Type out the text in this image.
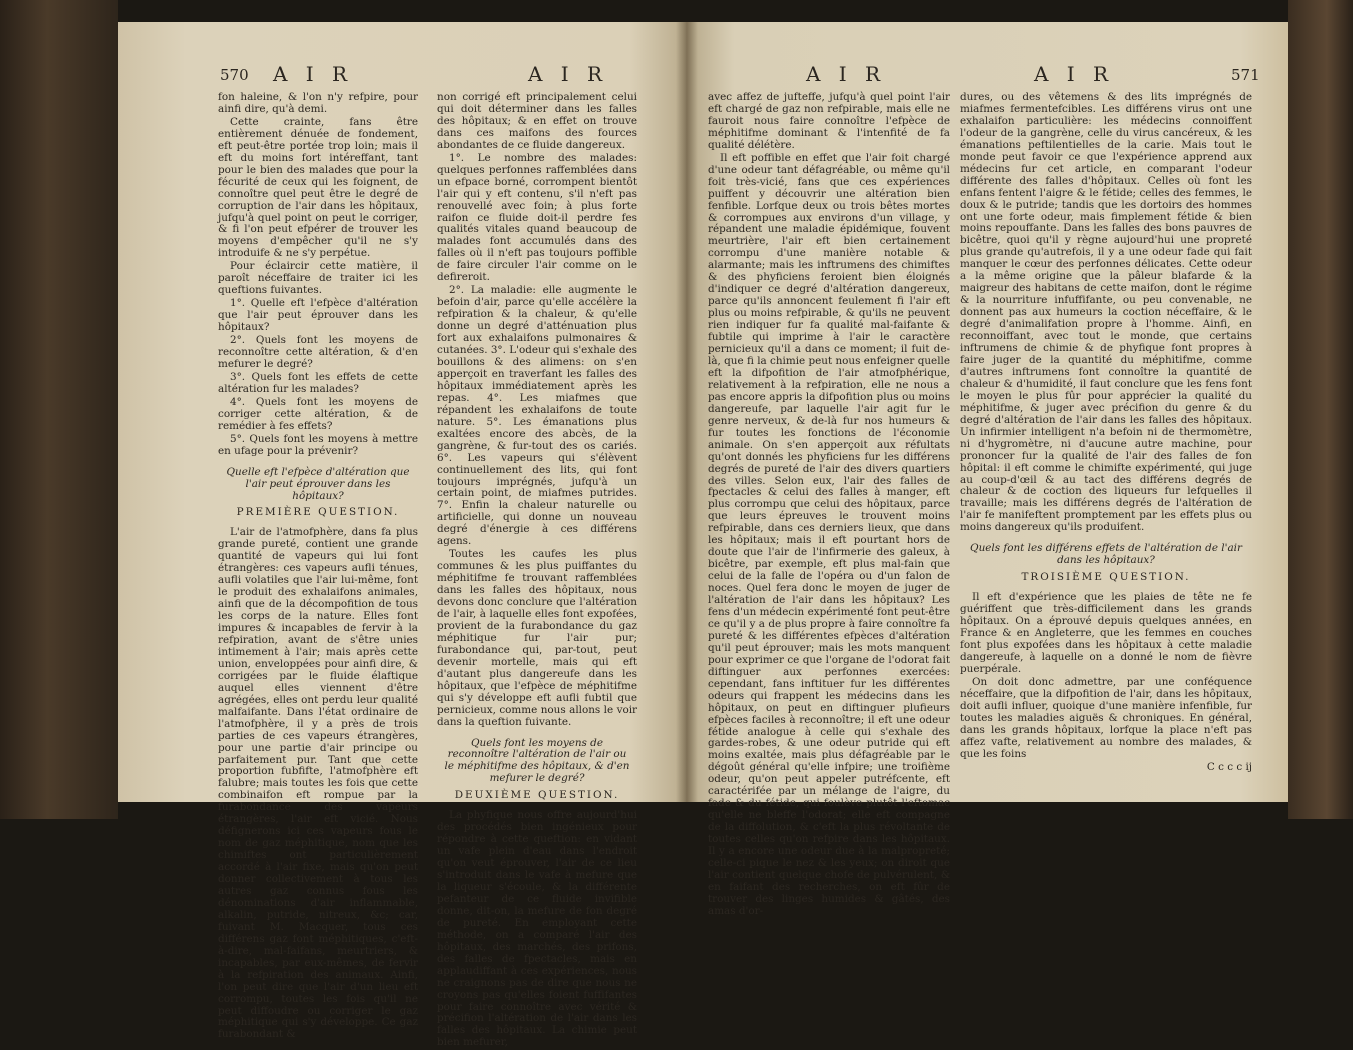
570 A I R	A I R

fon haleine, & l'on n'y refpire, pour ainfi dire, qu'à demi.

Cette crainte, fans être entièrement dénuée de fondement, eft peut-être portée trop loin; mais il eft du moins fort intéreffant, tant pour le bien des malades que pour la fécurité de ceux qui les foignent, de connoître quel peut être le degré de corruption de l'air dans les hôpitaux, jufqu'à quel point on peut le corriger, & fi l'on peut efpérer de trouver les moyens d'empêcher qu'il ne s'y introduife & ne s'y perpétue.

Pour éclaircir cette matière, il paroît néceffaire de traiter ici les queftions fuivantes.

1°. Quelle eft l'efpèce d'altération que l'air peut éprouver dans les hôpitaux?

2°. Quels font les moyens de reconnoître cette altération, & d'en mefurer le degré?

3°. Quels font les effets de cette altération fur les malades?

4°. Quels font les moyens de corriger cette altération, & de remédier à fes effets?

5°. Quels font les moyens à mettre en ufage pour la prévenir?

Quelle eft l'efpèce d'altération que l'air peut éprouver dans les hôpitaux?

PREMIÈRE QUESTION.

L'air de l'atmofphère, dans fa plus grande pureté, contient une grande quantité de vapeurs qui lui font étrangères: ces vapeurs aufli ténues, aufli volatiles que l'air lui-même, font le produit des exhalaifons animales, ainfi que de la décompofition de tous les corps de la nature. Elles font impures & incapables de fervir à la refpiration, avant de s'être unies intimement à l'air; mais après cette union, enveloppées pour ainfi dire, & corrigées par le fluide élaftique auquel elles viennent d'être agrégées, elles ont perdu leur qualité malfaifante. Dans l'état ordinaire de l'atmofphère, il y a près de trois parties de ces vapeurs étrangères, pour une partie d'air principe ou parfaitement pur. Tant que cette proportion fubfifte, l'atmofphère eft falubre; mais toutes les fois que cette combinaifon eft rompue par la furabondance des vapeurs étrangères, l'air eft vicié. Nous défignerons ici ces vapeurs fous le nom de gaz méphitique, nom que les chimiftes ont particulièrement accordé à l'air fixe, mais qu'on peut donner collectivement à tous les autres gaz connus fous les dénominations d'air inflammable, alkalin, putride, nitreux, &c; car, fuivant M. Macquer, tous ces différens gaz font méphitiques, c'eft-à-dire, mal-faifans, meurtriers, & incapables, par eux-mêmes, de fervir à la refpiration des animaux. Ainfi, l'on peut dire que l'air d'un lieu eft corrompu, toutes les fois qu'il ne peut diffoudre ou corriger le gaz méphitique qui s'y développe. Ce gaz furabondant &

non corrigé eft principalement celui qui doit déterminer dans les falles des hôpitaux; & en effet on trouve dans ces maifons des fources abondantes de ce fluide dangereux.

1°. Le nombre des malades: quelques perfonnes raffemblées dans un efpace borné, corrompent bientôt l'air qui y eft contenu, s'il n'eft pas renouvellé avec foin; à plus forte raifon ce fluide doit-il perdre fes qualités vitales quand beaucoup de malades font accumulés dans des falles où il n'eft pas toujours poffible de faire circuler l'air comme on le defireroit.

2°. La maladie: elle augmente le befoin d'air, parce qu'elle accélère la refpiration & la chaleur, & qu'elle donne un degré d'atténuation plus fort aux exhalaifons pulmonaires & cutanées. 3°. L'odeur qui s'exhale des bouillons & des alimens: on s'en apperçoit en traverfant les falles des hôpitaux immédiatement après les repas. 4°. Les miafmes que répandent les exhalaifons de toute nature. 5°. Les émanations plus exaltées encore des abcès, de la gangrène, & fur-tout des os cariés. 6°. Les vapeurs qui s'élèvent continuellement des lits, qui font toujours imprégnés, jufqu'à un certain point, de miafmes putrides. 7°. Enfin la chaleur naturelle ou artificielle, qui donne un nouveau degré d'énergie à ces différens agens.

Toutes les caufes les plus communes & les plus puiffantes du méphitifme fe trouvant raffemblées dans les falles des hôpitaux, nous devons donc conclure que l'altération de l'air, à laquelle elles font expofées, provient de la furabondance du gaz méphitique fur l'air pur; furabondance qui, par-tout, peut devenir mortelle, mais qui eft d'autant plus dangereufe dans les hôpitaux, que l'efpèce de méphitifme qui s'y développe eft aufli fubtil que pernicieux, comme nous allons le voir dans la queftion fuivante.

Quels font les moyens de reconnoître l'altération de l'air ou le méphitifme des hôpitaux, & d'en mefurer le degré?

DEUXIÈME QUESTION.

La phyfique nous offre aujourd'hui des procédés bien ingénieux pour répondre à cette queftion: en vidant un vafe plein d'eau dans l'endroit qu'on veut éprouver, l'air de ce lieu s'introduit dans le vafe à mefure que la liqueur s'écoule, & la différente pefanteur de ce fluide invifible donne, dit-on, la mefure de fon degré de pureté. En employant cette méthode, on a comparé l'air des hôpitaux, des marchés, des prifons, des falles de fpectacles, mais en applaudiffant à ces expériences, nous ne craignons pas de dire que nous ne croyons pas qu'elles foient fuffifantes pour faire connoître avec vérité & précifion l'altération de l'air dans les falles des hôpitaux. La chimie peut bien mefurer,

A I R	A I R	571

avec affez de jufteffe, jufqu'à quel point l'air eft chargé de gaz non refpirable, mais elle ne fauroit nous faire connoître l'efpèce de méphitifme dominant & l'intenfité de fa qualité délétère.

Il eft poffible en effet que l'air foit chargé d'une odeur tant défagréable, ou même qu'il foit très-vicié, fans que ces expériences puiffent y découvrir une altération bien fenfible. Lorfque deux ou trois bêtes mortes & corrompues aux environs d'un village, y répandent une maladie épidémique, fouvent meurtrière, l'air eft bien certainement corrompu d'une manière notable & alarmante; mais les inftrumens des chimiftes & des phyficiens feroient bien éloignés d'indiquer ce degré d'altération dangereux, parce qu'ils annoncent feulement fi l'air eft plus ou moins refpirable, & qu'ils ne peuvent rien indiquer fur fa qualité mal-faifante & fubtile qui imprime à l'air le caractère pernicieux qu'il a dans ce moment; il fuit de-là, que fi la chimie peut nous enfeigner quelle eft la difpofition de l'air atmofphérique, relativement à la refpiration, elle ne nous a pas encore appris la difpofition plus ou moins dangereufe, par laquelle l'air agit fur le genre nerveux, & de-là fur nos humeurs & fur toutes les fonctions de l'économie animale. On s'en apperçoit aux réfultats qu'ont donnés les phyficiens fur les différens degrés de pureté de l'air des divers quartiers des villes. Selon eux, l'air des falles de fpectacles & celui des falles à manger, eft plus corrompu que celui des hôpitaux, parce que leurs épreuves le trouvent moins refpirable, dans ces derniers lieux, que dans les hôpitaux; mais il eft pourtant hors de doute que l'air de l'infirmerie des galeux, à bicêtre, par exemple, eft plus mal-fain que celui de la falle de l'opéra ou d'un falon de noces. Quel fera donc le moyen de juger de l'altération de l'air dans les hôpitaux? Les fens d'un médecin expérimenté font peut-être ce qu'il y a de plus propre à faire connoître fa pureté & les différentes efpèces d'altération qu'il peut éprouver; mais les mots manquent pour exprimer ce que l'organe de l'odorat fait diftinguer aux perfonnes exercées: cependant, fans inftituer fur les différentes odeurs qui frappent les médecins dans les hôpitaux, on peut en diftinguer plufieurs efpèces faciles à reconnoître; il eft une odeur fétide analogue à celle qui s'exhale des gardes-robes, & une odeur putride qui eft moins exaltée, mais plus défagréable par le dégoût général qu'elle infpire; une troifième odeur, qu'on peut appeler putréfcente, eft caractérifée par un mélange de l'aigre, du fade & du fétide, qui foulève plutôt l'eftomac qu'elle ne bleffe l'odorat; elle eft compagne de la diffolution, & c'eft la plus révoltante de toutes celles qu'on refpire dans les hôpitaux. Il y a encore une odeur due à la malpropreté; celle-ci pique le nez & les yeux; on diroit que l'air contient quelque chofe de pulvérulent, & en faifant des recherches, on eft fûr de trouver des linges humides & gâtés, des amas d'or-

dures, ou des vêtemens & des lits imprégnés de miafmes fermentefcibles. Les différens virus ont une exhalaifon particulière: les médecins connoiffent l'odeur de la gangrène, celle du virus cancéreux, & les émanations peftilentielles de la carie. Mais tout le monde peut favoir ce que l'expérience apprend aux médecins fur cet article, en comparant l'odeur différente des falles d'hôpitaux. Celles où font les enfans fentent l'aigre & le fétide; celles des femmes, le doux & le putride; tandis que les dortoirs des hommes ont une forte odeur, mais fimplement fétide & bien moins repouffante. Dans les falles des bons pauvres de bicêtre, quoi qu'il y règne aujourd'hui une propreté plus grande qu'autrefois, il y a une odeur fade qui fait manquer le cœur des perfonnes délicates. Cette odeur a la même origine que la pâleur blafarde & la maigreur des habitans de cette maifon, dont le régime & la nourriture infuffifante, ou peu convenable, ne donnent pas aux humeurs la coction néceffaire, & le degré d'animalifation propre à l'homme. Ainfi, en reconnoiffant, avec tout le monde, que certains inftrumens de chimie & de phyfique font propres à faire juger de la quantité du méphitifme, comme d'autres inftrumens font connoître la quantité de chaleur & d'humidité, il faut conclure que les fens font le moyen le plus fûr pour apprécier la qualité du méphitifme, & juger avec précifion du genre & du degré d'altération de l'air dans les falles des hôpitaux. Un infirmier intelligent n'a befoin ni de thermomètre, ni d'hygromètre, ni d'aucune autre machine, pour prononcer fur la qualité de l'air des falles de fon hôpital: il eft comme le chimifte expérimenté, qui juge au coup-d'œil & au tact des différens degrés de chaleur & de coction des liqueurs fur lefquelles il travaille; mais les différens degrés de l'altération de l'air fe manifeftent promptement par les effets plus ou moins dangereux qu'ils produifent.

Quels font les différens effets de l'altération de l'air dans les hôpitaux?

TROISIÈME QUESTION.

Il eft d'expérience que les plaies de tête ne fe guériffent que très-difficilement dans les grands hôpitaux. On a éprouvé depuis quelques années, en France & en Angleterre, que les femmes en couches font plus expofées dans les hôpitaux à cette maladie dangereufe, à laquelle on a donné le nom de fièvre puerpérale.

On doit donc admettre, par une conféquence néceffaire, que la difpofition de l'air, dans les hôpitaux, doit aufli influer, quoique d'une manière infenfible, fur toutes les maladies aiguës & chroniques. En général, dans les grands hôpitaux, lorfque la place n'eft pas affez vafte, relativement au nombre des malades, & que les foins

C c c c ij
